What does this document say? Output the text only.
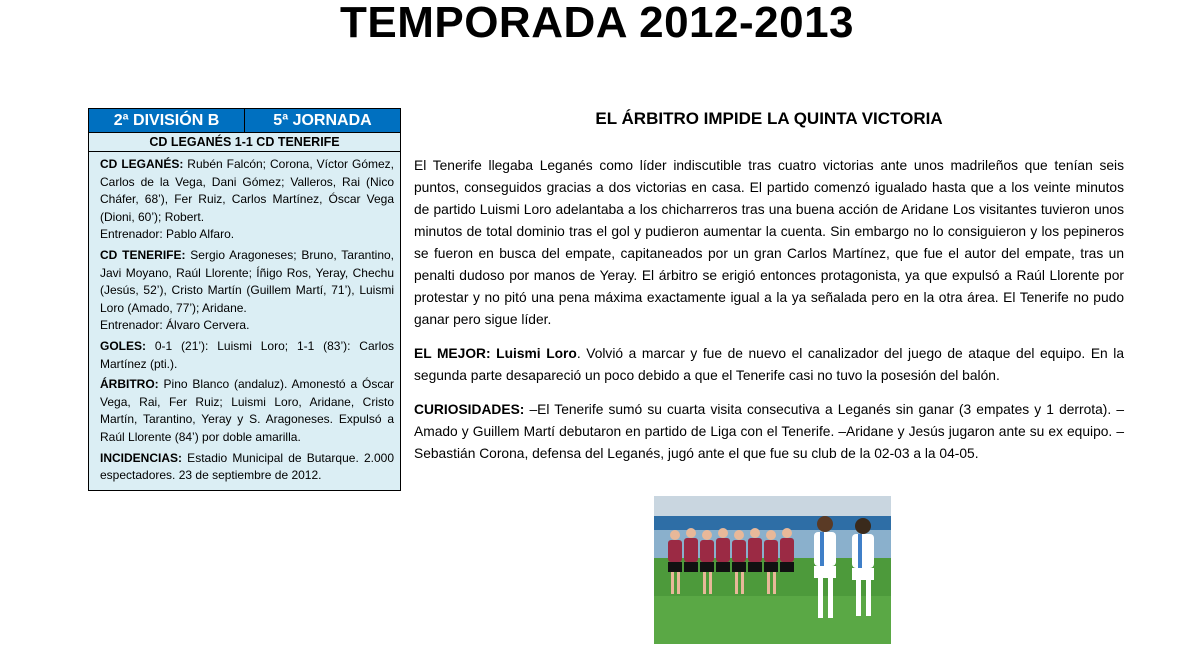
TEMPORADA 2012-2013
2ª DIVISIÓN B	5ª JORNADA
CD LEGANÉS 1-1 CD TENERIFE

CD LEGANÉS: Rubén Falcón; Corona, Víctor Gómez, Carlos de la Vega, Dani Gómez; Valleros, Rai (Nico Cháfer, 68’), Fer Ruiz, Carlos Martínez, Óscar Vega (Dioni, 60’); Robert.
Entrenador: Pablo Alfaro.

CD TENERIFE: Sergio Aragoneses; Bruno, Tarantino, Javi Moyano, Raúl Llorente; Íñigo Ros, Yeray, Chechu (Jesús, 52’), Cristo Martín (Guillem Martí, 71’), Luismi Loro (Amado, 77’); Aridane.
Entrenador: Álvaro Cervera.

GOLES: 0-1 (21’): Luismi Loro; 1-1 (83’): Carlos Martínez (pti.).

ÁRBITRO: Pino Blanco (andaluz). Amonestó a Óscar Vega, Rai, Fer Ruiz; Luismi Loro, Aridane, Cristo Martín, Tarantino, Yeray y S. Aragoneses. Expulsó a Raúl Llorente (84’) por doble amarilla.

INCIDENCIAS: Estadio Municipal de Butarque. 2.000 espectadores. 23 de septiembre de 2012.

EL ÁRBITRO IMPIDE LA QUINTA VICTORIA

El Tenerife llegaba Leganés como líder indiscutible tras cuatro victorias ante unos madrileños que tenían seis puntos, conseguidos gracias a dos victorias en casa. El partido comenzó igualado hasta que a los veinte minutos de partido Luismi Loro adelantaba a los chicharreros tras una buena acción de Aridane Los visitantes tuvieron unos minutos de total dominio tras el gol y pudieron aumentar la cuenta. Sin embargo no lo consiguieron y los pepineros se fueron en busca del empate, capitaneados por un gran Carlos Martínez, que fue el autor del empate, tras un penalti dudoso por manos de Yeray. El árbitro se erigió entonces protagonista, ya que expulsó a Raúl Llorente por protestar y no pitó una pena máxima exactamente igual a la ya señalada pero en la otra área. El Tenerife no pudo ganar pero sigue líder.

EL MEJOR: Luismi Loro. Volvió a marcar y fue de nuevo el canalizador del juego de ataque del equipo. En la segunda parte desapareció un poco debido a que el Tenerife casi no tuvo la posesión del balón.

CURIOSIDADES: –El Tenerife sumó su cuarta visita consecutiva a Leganés sin ganar (3 empates y 1 derrota). –Amado y Guillem Martí debutaron en partido de Liga con el Tenerife. –Aridane y Jesús jugaron ante su ex equipo. –Sebastián Corona, defensa del Leganés, jugó ante el que fue su club de la 02-03 a la 04-05.
